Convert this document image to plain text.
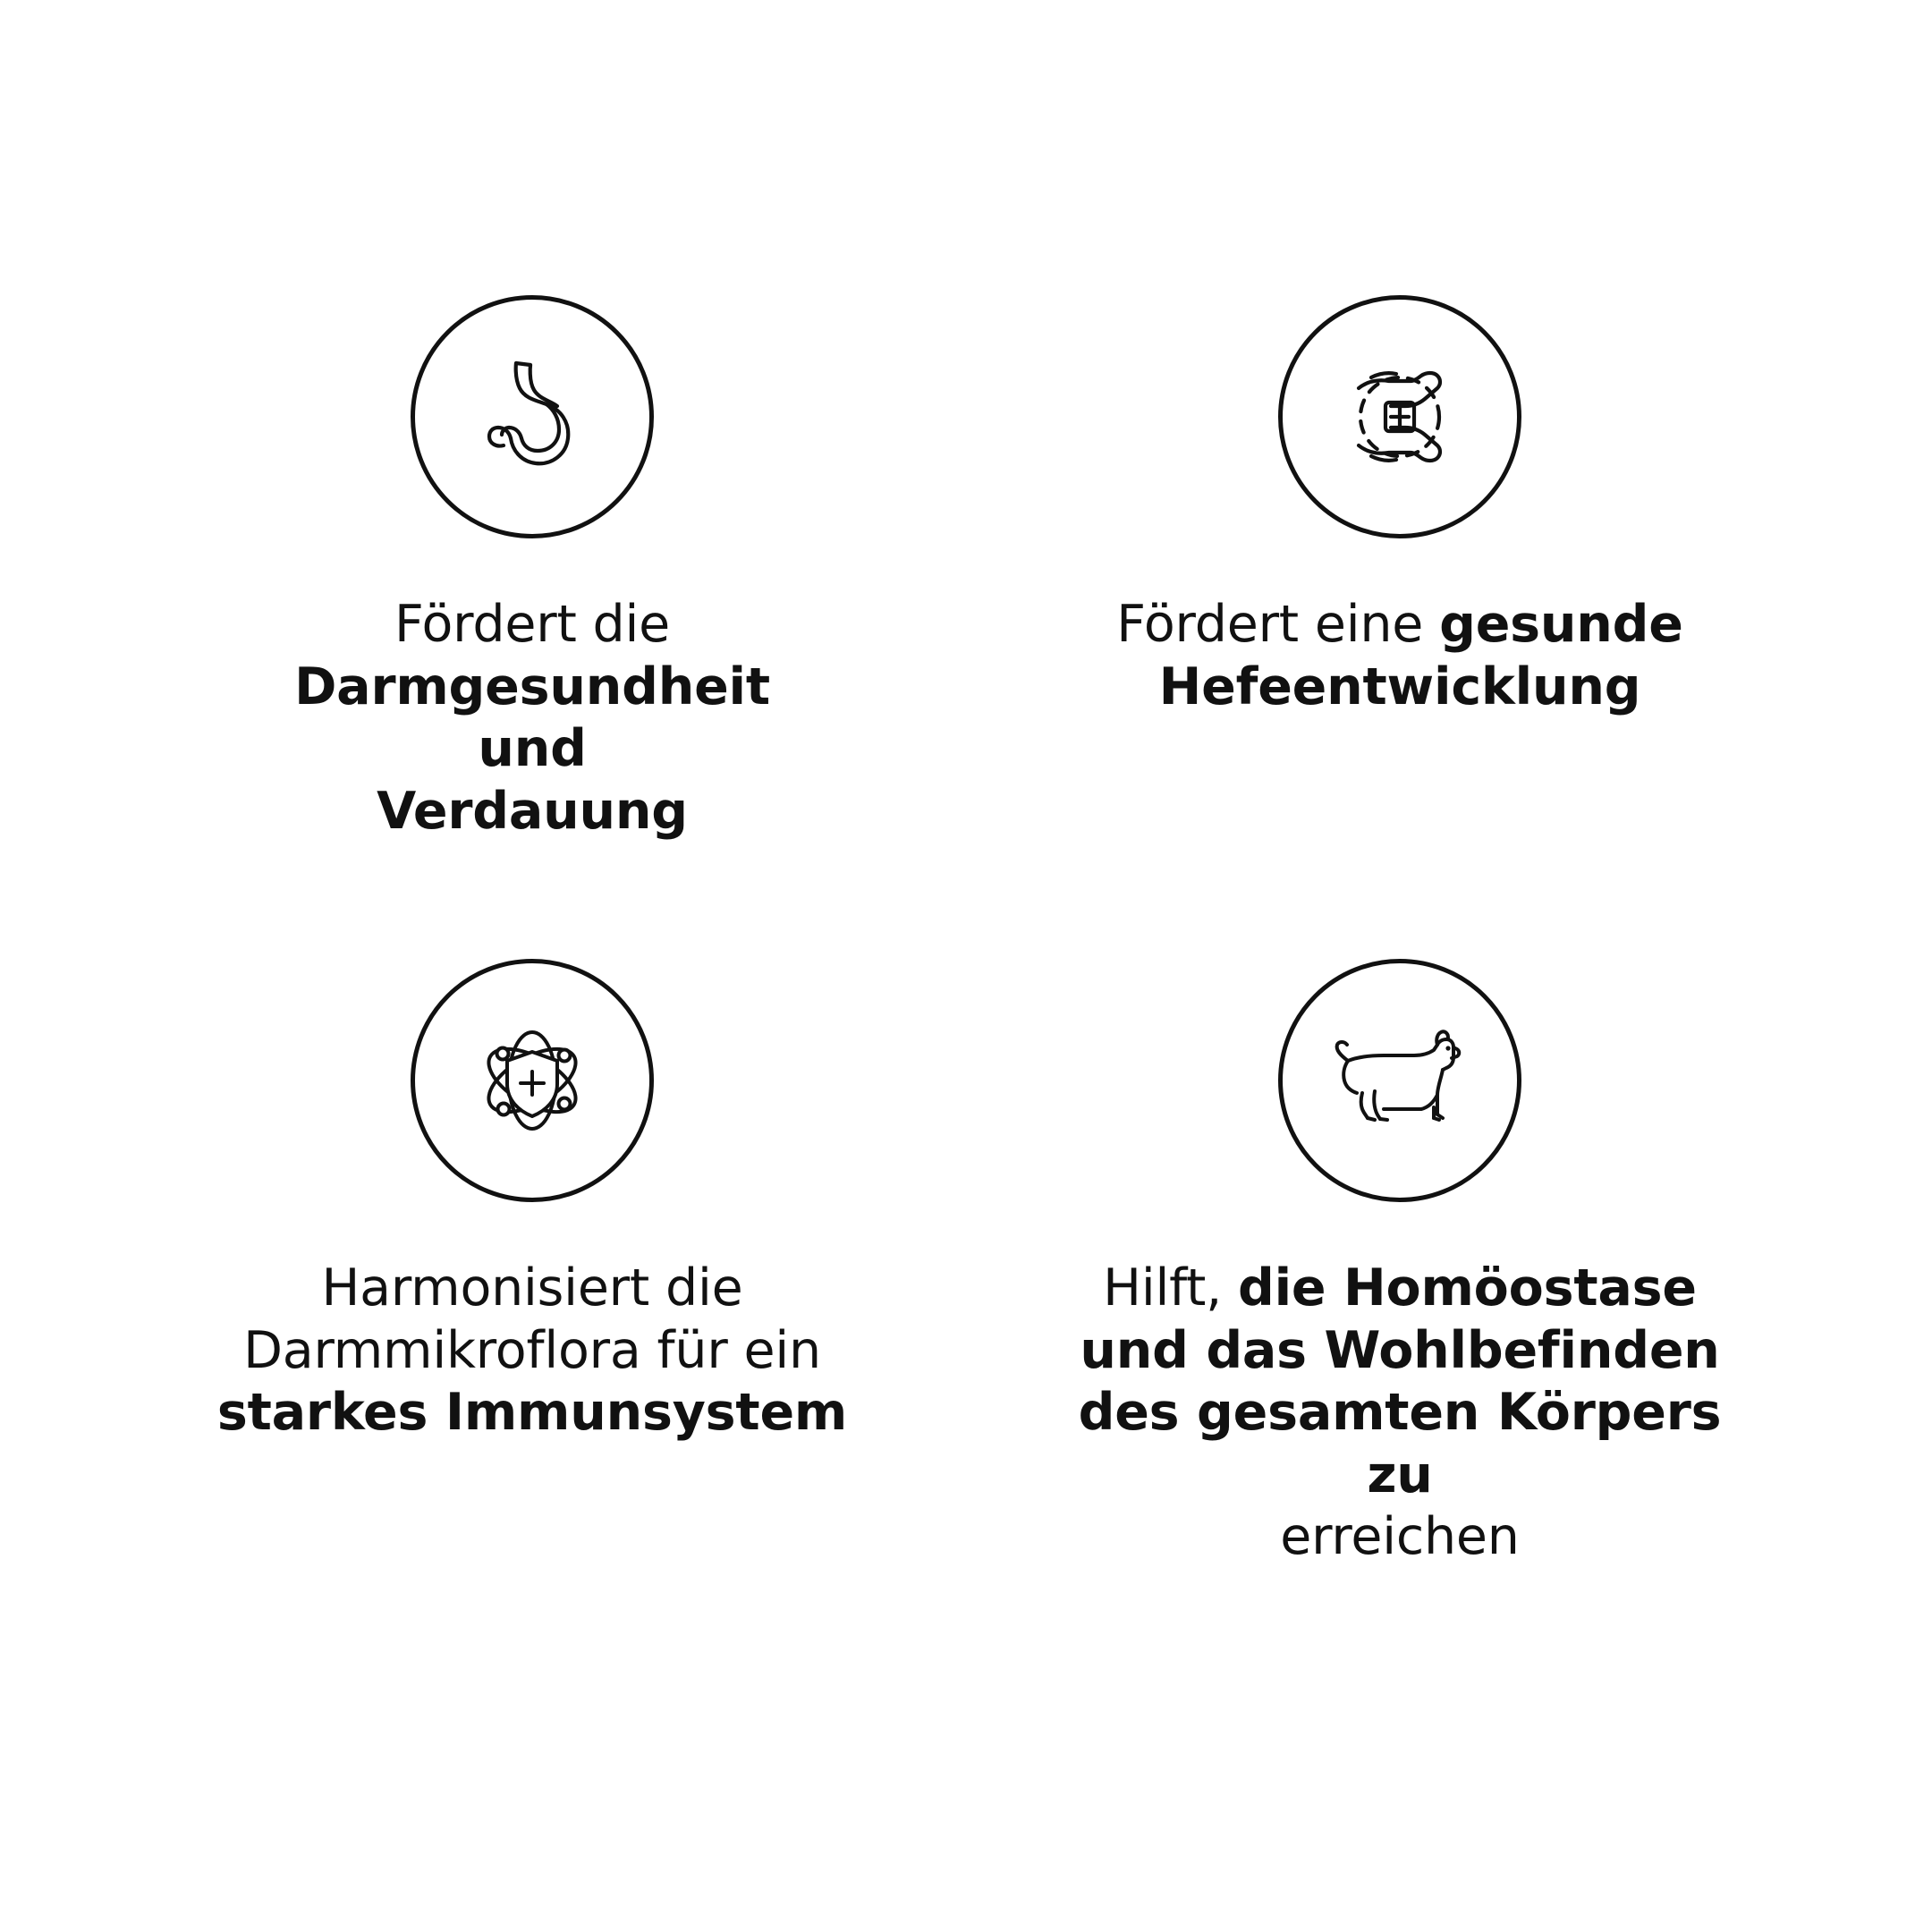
Fördert die
Darmgesundheit und
Verdauung
Fördert eine gesunde
Hefeentwicklung
Harmonisiert die
Darmmikroflora für ein
starkes Immunsystem
Hilft, die Homöostase
und das Wohlbefinden
des gesamten Körpers zu
erreichen
